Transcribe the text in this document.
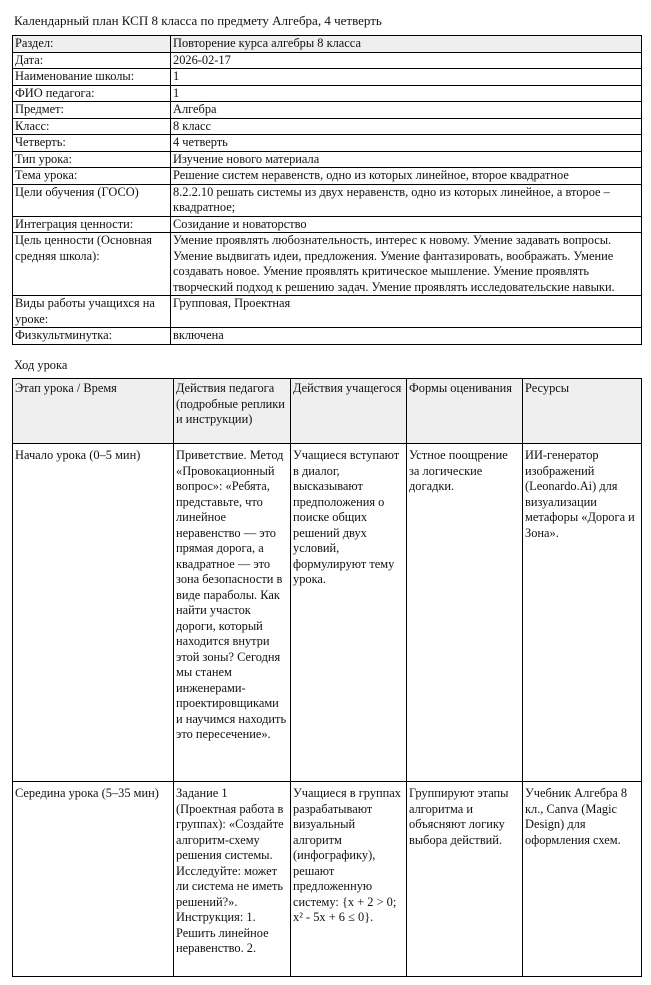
Календарный план КСП 8 класса по предмету Алгебра, 4 четверть
Раздел:	Повторение курса алгебры 8 класса
Дата:	2026-02-17
Наименование школы:	1
ФИО педагога:	1
Предмет:	Алгебра
Класс:	8 класс
Четверть:	4 четверть
Тип урока:	Изучение нового материала
Тема урока:	Решение систем неравенств, одно из которых линейное, второе квадратное
Цели обучения (ГОСО)	8.2.2.10 решать системы из двух неравенств, одно из которых линейное, а второе – квадратное;
Интеграция ценности:	Созидание и новаторство
Цель ценности (Основная средняя школа):	Умение проявлять любознательность, интерес к новому. Умение задавать вопросы. Умение выдвигать идеи, предложения. Умение фантазировать, воображать. Умение создавать новое. Умение проявлять критическое мышление. Умение проявлять творческий подход к решению задач. Умение проявлять исследовательские навыки.
Виды работы учащихся на уроке:	Групповая, Проектная
Физкультминутка:	включена
Ход урока
Этап урока / Время	Действия педагога (подробные реплики и инструкции)	Действия учащегося	Формы оценивания	Ресурсы
Начало урока (0–5 мин)	Приветствие. Метод «Провокационный вопрос»: «Ребята, представьте, что линейное неравенство — это прямая дорога, а квадратное — это зона безопасности в виде параболы. Как найти участок дороги, который находится внутри этой зоны? Сегодня мы станем инженерами-проектировщиками и научимся находить это пересечение».	Учащиеся вступают в диалог, высказывают предположения о поиске общих решений двух условий, формулируют тему урока.	Устное поощрение за логические догадки.	ИИ-генератор изображений (Leonardo.Ai) для визуализации метафоры «Дорога и Зона».
Середина урока (5–35 мин)	Задание 1 (Проектная работа в группах): «Создайте алгоритм-схему решения системы. Исследуйте: может ли система не иметь решений?». Инструкция: 1. Решить линейное неравенство. 2.	Учащиеся в группах разрабатывают визуальный алгоритм (инфографику), решают предложенную систему: {x + 2 > 0; x² - 5x + 6 ≤ 0}.	Группируют этапы алгоритма и объясняют логику выбора действий.	Учебник Алгебра 8 кл., Canva (Magic Design) для оформления схем.
